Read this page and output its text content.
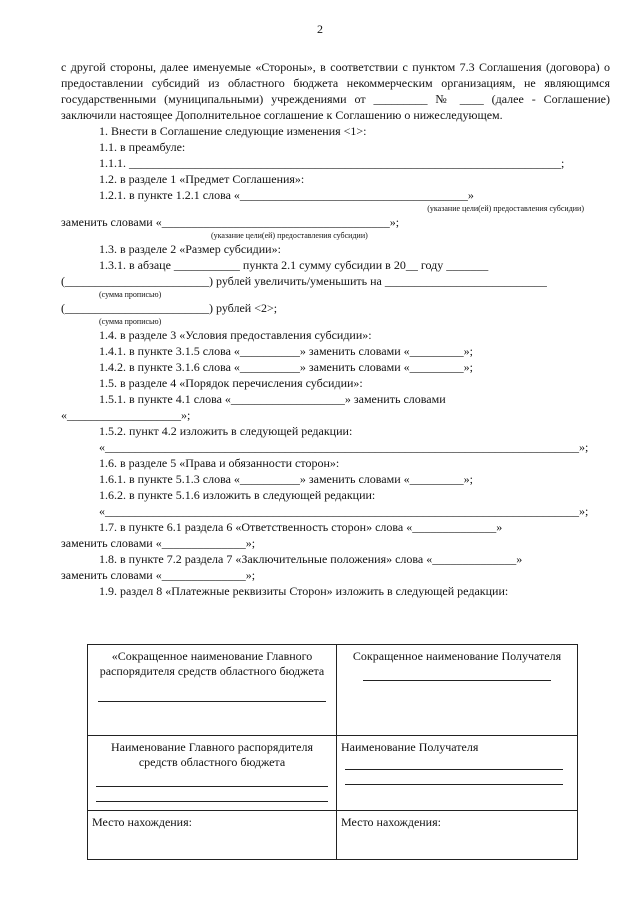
2

с другой стороны, далее именуемые «Стороны», в соответствии с пунктом 7.3 Соглашения (договора) о предоставлении субсидий из областного бюджета некоммерческим организациям, не являющимся государственными (муниципальными) учреждениями от _________ № ____ (далее - Соглашение) заключили настоящее Дополнительное соглашение к Соглашению о нижеследующем.

1. Внести в Соглашение следующие изменения <1>:

1.1. в преамбуле:

1.1.1. ________________________________________________________________________;

1.2. в разделе 1 «Предмет Соглашения»:

1.2.1. в пункте 1.2.1 слова «______________________________________»

(указание цели(ей) предоставления субсидии)

заменить словами «______________________________________»;

(указание цели(ей) предоставления субсидии)

1.3. в разделе 2 «Размер субсидии»:

1.3.1. в абзаце ___________ пункта 2.1 сумму субсидии в 20__ году _______

(________________________) рублей увеличить/уменьшить на ___________________________

(сумма прописью)

(________________________) рублей <2>;

(сумма прописью)

1.4. в разделе 3 «Условия предоставления субсидии»:

1.4.1. в пункте 3.1.5 слова «__________» заменить словами «_________»;

1.4.2. в пункте 3.1.6 слова «__________» заменить словами «_________»;

1.5. в разделе 4 «Порядок перечисления субсидии»:

1.5.1. в пункте 4.1 слова «___________________» заменить словами

«___________________»;

1.5.2. пункт 4.2 изложить в следующей редакции:

«_______________________________________________________________________________»;

1.6. в разделе 5 «Права и обязанности сторон»:

1.6.1. в пункте 5.1.3 слова «__________» заменить словами «_________»;

1.6.2. в пункте 5.1.6 изложить в следующей редакции:

«_______________________________________________________________________________»;

1.7. в пункте 6.1 раздела 6 «Ответственность сторон» слова «______________»

заменить словами «______________»;

1.8. в пункте 7.2 раздела 7 «Заключительные положения» слова «______________»

заменить словами «______________»;

1.9. раздел 8 «Платежные реквизиты Сторон» изложить в следующей редакции:

«Сокращенное наименование Главного распорядителя средств областного бюджета	Сокращенное наименование Получателя

Наименование Главного распорядителя средств областного бюджета	Наименование Получателя

Место нахождения:	Место нахождения:
